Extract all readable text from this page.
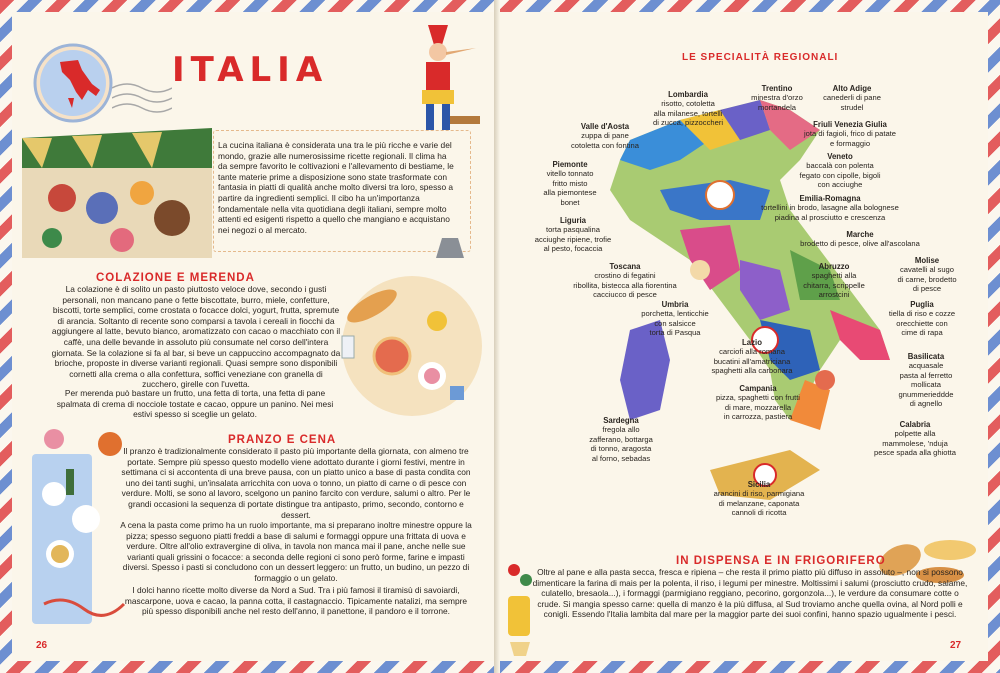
ITALIA
La cucina italiana è considerata una tra le più ricche e varie del mondo, grazie alle numerosissime ricette regionali. Il clima ha da sempre favorito le coltivazioni e l'allevamento di bestiame, le tante materie prime a disposizione sono state trasformate con fantasia in piatti di qualità anche molto diversi tra loro, spesso a partire da ingredienti semplici. Il cibo ha un'importanza fondamentale nella vita quotidiana degli italiani, sempre molto attenti ed esigenti rispetto a quello che mangiano e acquistano nei negozi o al mercato.
COLAZIONE E MERENDA
La colazione è di solito un pasto piuttosto veloce dove, secondo i gusti personali, non mancano pane o fette biscottate, burro, miele, confetture, biscotti, torte semplici, come crostata o focacce dolci, yogurt, frutta, spremute di arancia. Soltanto di recente sono comparsi a tavola i cereali in fiocchi da aggiungere al latte, bevuto bianco, aromatizzato con cacao o macchiato con il caffè, una delle bevande in assoluto più consumate nel corso dell'intera giornata. Se la colazione si fa al bar, si beve un cappuccino accompagnato da brioche, proposte in diverse varianti regionali. Quasi sempre sono disponibili cornetti alla crema o alla confettura, soffici veneziane con granella di zucchero, girelle con l'uvetta.
Per merenda può bastare un frutto, una fetta di torta, una fetta di pane spalmata di crema di nocciole tostate e cacao, oppure un panino. Nei mesi estivi spesso si sceglie un gelato.
PRANZO E CENA
Il pranzo è tradizionalmente considerato il pasto più importante della giornata, con almeno tre portate. Sempre più spesso questo modello viene adottato durante i giorni festivi, mentre in settimana ci si accontenta di una breve pausa, con un piatto unico a base di pasta condita con uno dei tanti sughi, un'insalata arricchita con uova o tonno, un piatto di carne o di pesce con verdure. Molti, se sono al lavoro, scelgono un panino farcito con verdure, salumi o altro. Per le grandi occasioni la sequenza di portate distingue tra antipasto, primo, secondo, contorno e dessert.
A cena la pasta come primo ha un ruolo importante, ma si preparano inoltre minestre oppure la pizza; spesso seguono piatti freddi a base di salumi e formaggi oppure una frittata di uova e verdure. Oltre all'olio extravergine di oliva, in tavola non manca mai il pane, anche nelle sue varianti quali grissini o focacce: a seconda delle regioni ci sono però forme, farine e impasti diversi. Spesso i pasti si concludono con un dessert leggero: un frutto, un budino, un pezzo di formaggio o un gelato.
I dolci hanno ricette molto diverse da Nord a Sud. Tra i più famosi il tiramisù di savoiardi, mascarpone, uova e cacao, la panna cotta, il castagnaccio. Tipicamente natalizi, ma sempre più spesso disponibili anche nel resto dell'anno, il panettone, il pandoro e il torrone.
26
LE SPECIALITÀ REGIONALI
Lombardia
risotto, cotoletta
alla milanese, tortelli
di zucca, pizzoccheri
Trentino
minestra d'orzo
mortandela
Alto Adige
canederli di pane
strudel
Valle d'Aosta
zuppa di pane
cotoletta con fontina
Friuli Venezia Giulia
jota di fagioli, frico di patate
e formaggio
Piemonte
vitello tonnato
fritto misto
alla piemontese
bonet
Veneto
baccalà con polenta
fegato con cipolle, bigoli
con acciughe
Emilia-Romagna
tortellini in brodo, lasagne alla bolognese
piadina al prosciutto e crescenza
Liguria
torta pasqualina
acciughe ripiene, trofie
al pesto, focaccia
Marche
brodetto di pesce, olive all'ascolana
Toscana
crostino di fegatini
ribollita, bistecca alla fiorentina
cacciucco di pesce
Abruzzo
spaghetti alla
chitarra, scrippelle
arrostcini
Molise
cavatelli al sugo
di carne, brodetto
di pesce
Umbria
porchetta, lenticchie
con salsicce
torta di Pasqua
Puglia
tiella di riso e cozze
orecchiette con
cime di rapa
Lazio
carciofi alla romana
bucatini all'amatriciana
spaghetti alla carbonara
Basilicata
acquasale
pasta al ferretto
mollicata
gnummerieddde
di agnello
Campania
pizza, spaghetti con frutti
di mare, mozzarella
in carrozza, pastiera
Sardegna
fregola allo
zafferano, bottarga
di tonno, aragosta
al forno, sebadas
Calabria
polpette alla
mammolese, 'nduja
pesce spada alla ghiotta
Sicilia
arancini di riso, parmigiana
di melanzane, caponata
cannoli di ricotta
IN DISPENSA E IN FRIGORIFERO
Oltre al pane e alla pasta secca, fresca e ripiena – che resta il primo piatto più diffuso in assoluto –, non si possono dimenticare la farina di mais per la polenta, il riso, i legumi per minestre. Moltissimi i salumi (prosciutto crudo, salame, culatello, bresaola...), i formaggi (parmigiano reggiano, pecorino, gorgonzola...), le verdure da consumare cotte o crude. Si mangia spesso carne: quella di manzo è la più diffusa, al Sud troviamo anche quella ovina, al Nord polli e conigli. Essendo l'Italia lambita dal mare per la maggior parte dei suoi confini, hanno spazio ugualmente i pesci.
27
